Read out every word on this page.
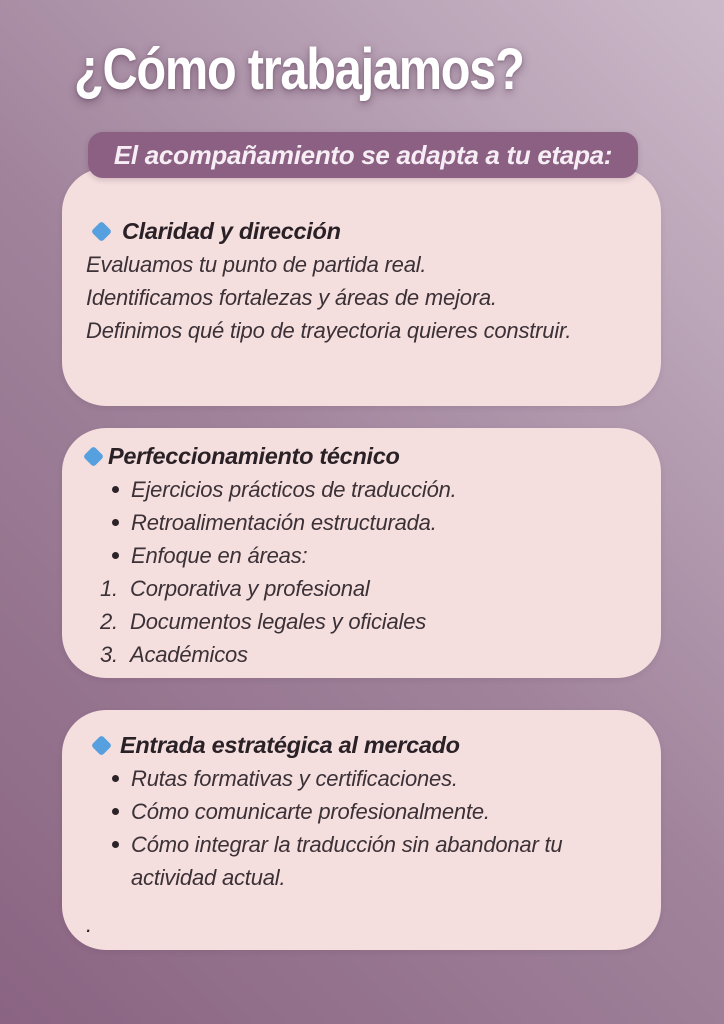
¿Cómo trabajamos?
El acompañamiento se adapta a tu etapa:
Claridad y dirección
Evaluamos tu punto de partida real.
Identificamos fortalezas y áreas de mejora.
Definimos qué tipo de trayectoria quieres construir.
Perfeccionamiento técnico
Ejercicios prácticos de traducción.
Retroalimentación estructurada.
Enfoque en áreas:
1. Corporativa y profesional
2. Documentos legales y oficiales
3. Académicos
Entrada estratégica al mercado
Rutas formativas y certificaciones.
Cómo comunicarte profesionalmente.
Cómo integrar la traducción sin abandonar tu actividad actual.
.
